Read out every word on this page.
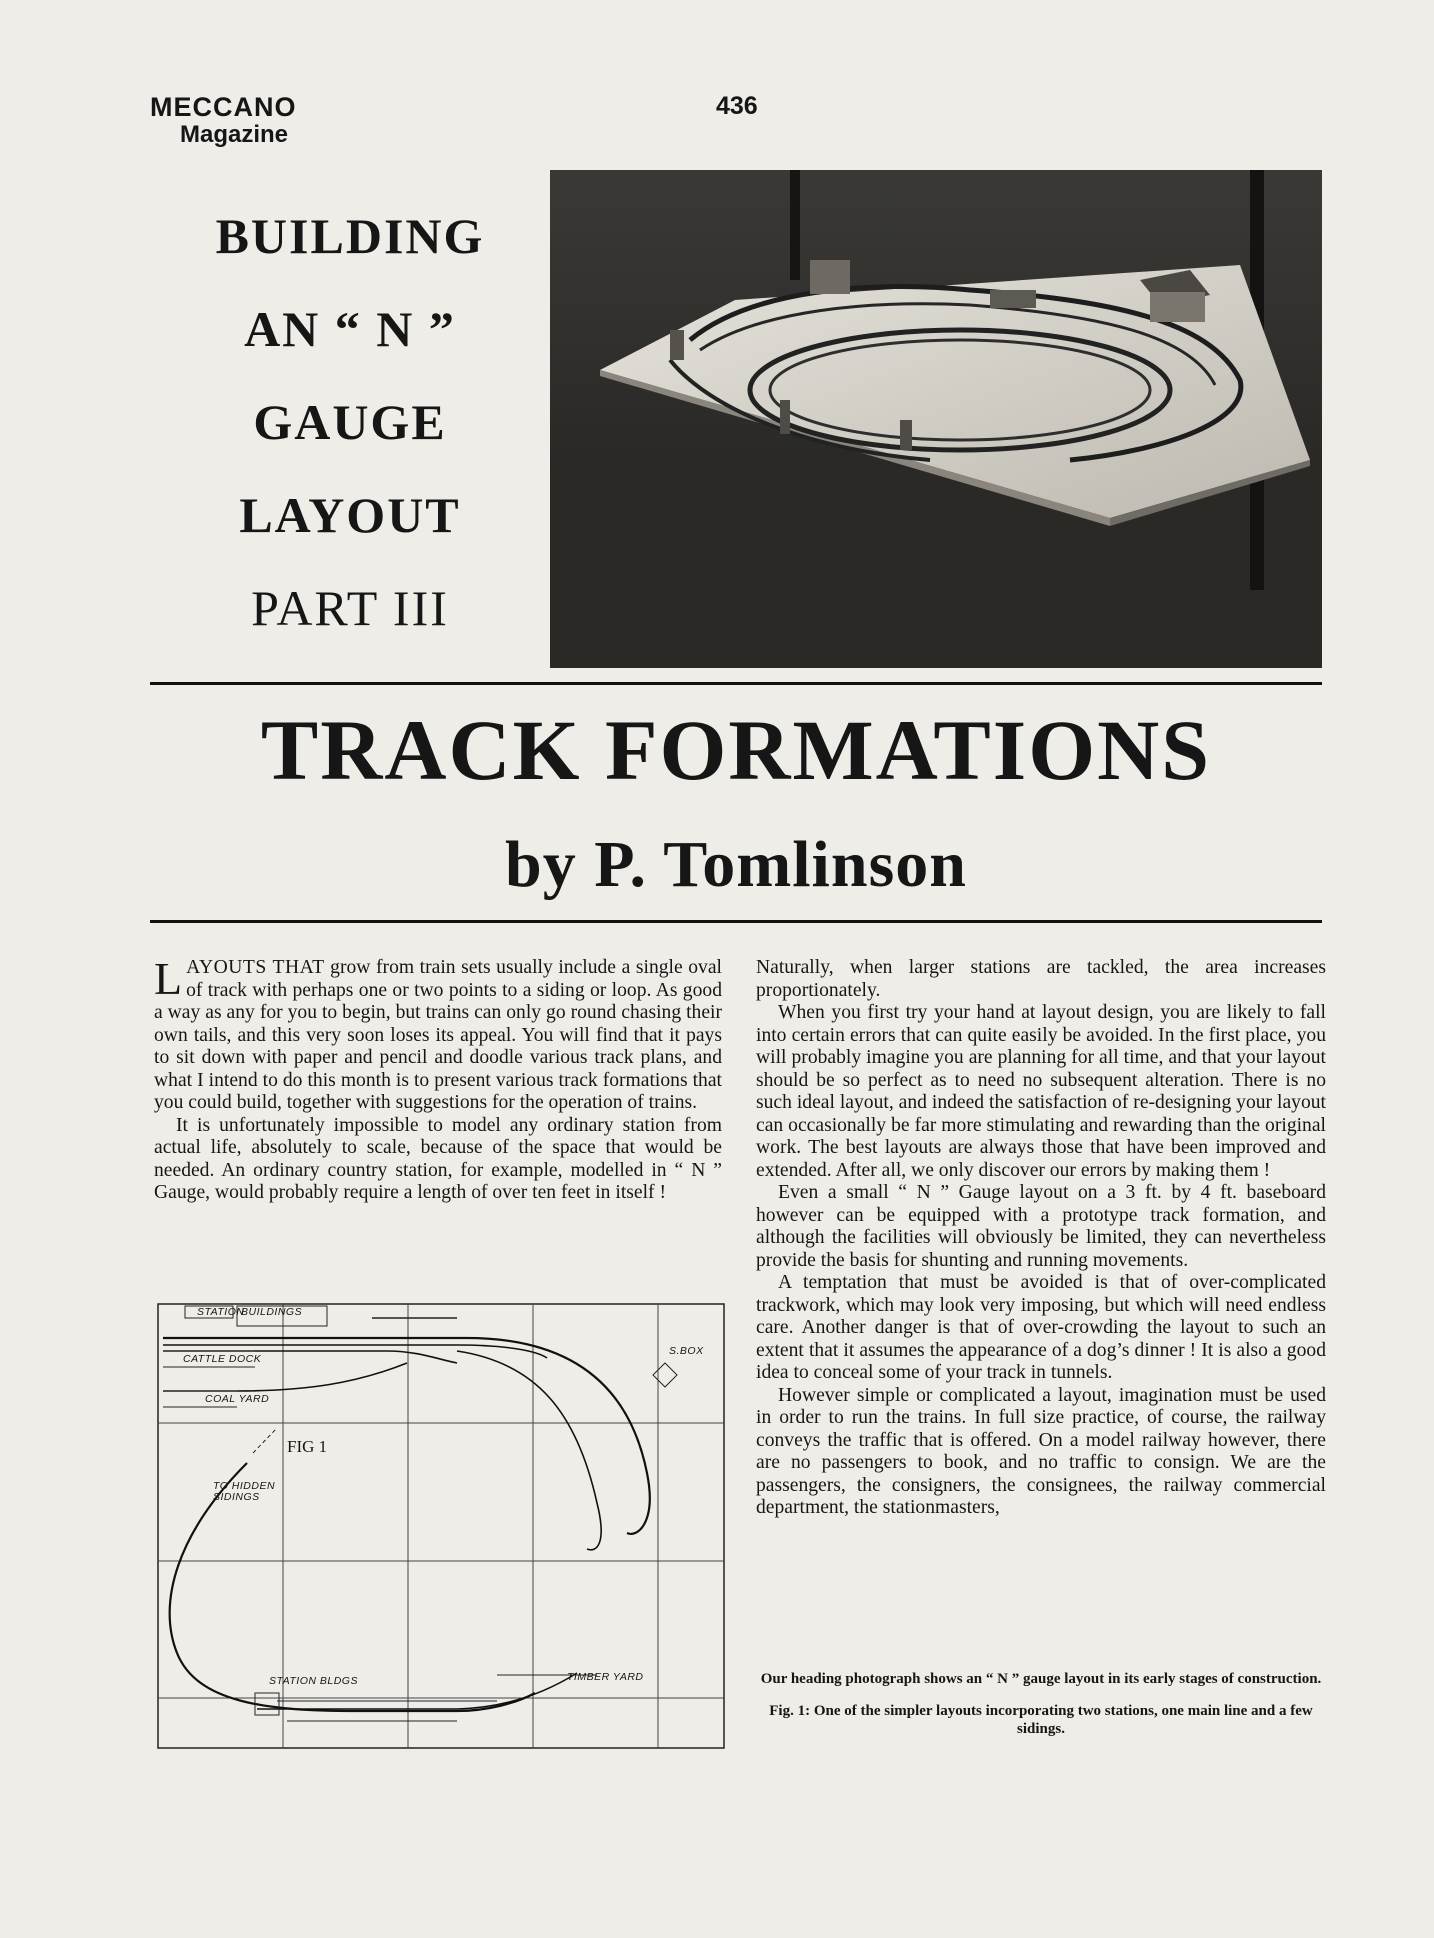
MECCANO
Magazine
436
BUILDING
AN “ N ”
GAUGE
LAYOUT
PART III
TRACK FORMATIONS
by P. Tomlinson

LAYOUTS THAT grow from train sets usually include a single oval of track with perhaps one or two points to a siding or loop. As good a way as any for you to begin, but trains can only go round chasing their own tails, and this very soon loses its appeal. You will find that it pays to sit down with paper and pencil and doodle various track plans, and what I intend to do this month is to present various track formations that you could build, together with suggestions for the operation of trains.

It is unfortunately impossible to model any ordinary station from actual life, absolutely to scale, because of the space that would be needed. An ordinary country station, for example, modelled in “ N ” Gauge, would probably require a length of over ten feet in itself !

FIG 1
STATION
BUILDINGS
CATTLE DOCK
COAL YARD
S.BOX
TO HIDDEN SIDINGS
STATION BLDGS	TIMBER YARD

Naturally, when larger stations are tackled, the area increases proportionately.

When you first try your hand at layout design, you are likely to fall into certain errors that can quite easily be avoided. In the first place, you will probably imagine you are planning for all time, and that your layout should be so perfect as to need no subsequent alteration. There is no such ideal layout, and indeed the satisfaction of re-designing your layout can occasionally be far more stimulating and rewarding than the original work. The best layouts are always those that have been improved and extended. After all, we only discover our errors by making them !

Even a small “ N ” Gauge layout on a 3 ft. by 4 ft. baseboard however can be equipped with a prototype track formation, and although the facilities will obviously be limited, they can nevertheless provide the basis for shunting and running movements.

A temptation that must be avoided is that of over-complicated trackwork, which may look very imposing, but which will need endless care. Another danger is that of over-crowding the layout to such an extent that it assumes the appearance of a dog’s dinner ! It is also a good idea to conceal some of your track in tunnels.

However simple or complicated a layout, imagination must be used in order to run the trains. In full size practice, of course, the railway conveys the traffic that is offered. On a model railway however, there are no passengers to book, and no traffic to consign. We are the passengers, the consigners, the consignees, the railway commercial department, the stationmasters,

Our heading photograph shows an “ N ” gauge layout in its early stages of construction.

Fig. 1: One of the simpler layouts incorporating two stations, one main line and a few sidings.
